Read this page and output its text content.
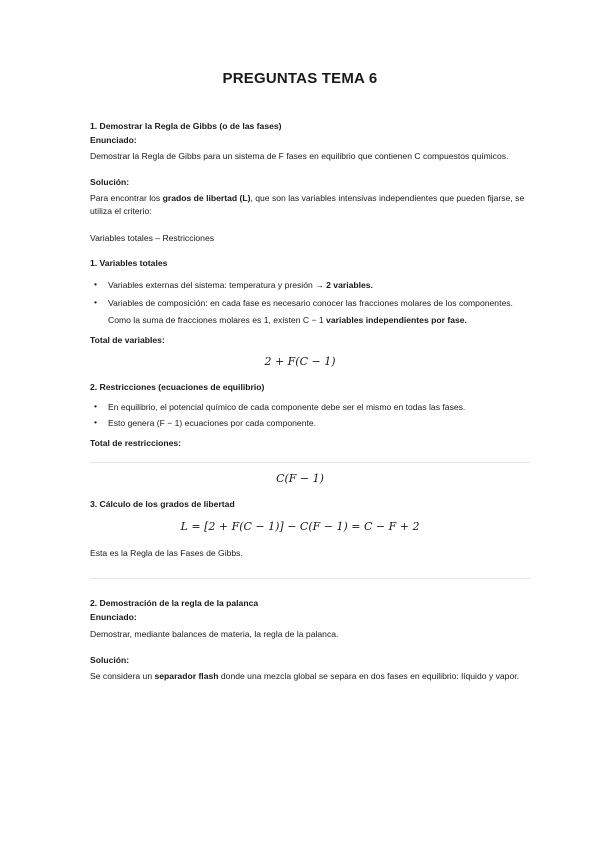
PREGUNTAS TEMA 6
1. Demostrar la Regla de Gibbs (o de las fases)
Enunciado:
Demostrar la Regla de Gibbs para un sistema de F fases en equilibrio que contienen C compuestos químicos.
Solución:
Para encontrar los grados de libertad (L), que son las variables intensivas independientes que pueden fijarse, se utiliza el criterio:
Variables totales – Restricciones
1. Variables totales
• Variables externas del sistema: temperatura y presión → 2 variables.
• Variables de composición: en cada fase es necesario conocer las fracciones molares de los componentes.
Como la suma de fracciones molares es 1, existen C − 1 variables independientes por fase.
Total de variables:
2 + F(C − 1)
2. Restricciones (ecuaciones de equilibrio)
• En equilibrio, el potencial químico de cada componente debe ser el mismo en todas las fases.
• Esto genera (F − 1) ecuaciones por cada componente.
Total de restricciones:
C(F − 1)
3. Cálculo de los grados de libertad
L = [2 + F(C − 1)] − C(F − 1) = C − F + 2
Esta es la Regla de las Fases de Gibbs.
2. Demostración de la regla de la palanca
Enunciado:
Demostrar, mediante balances de materia, la regla de la palanca.
Solución:
Se considera un separador flash donde una mezcla global se separa en dos fases en equilibrio: líquido y vapor.
